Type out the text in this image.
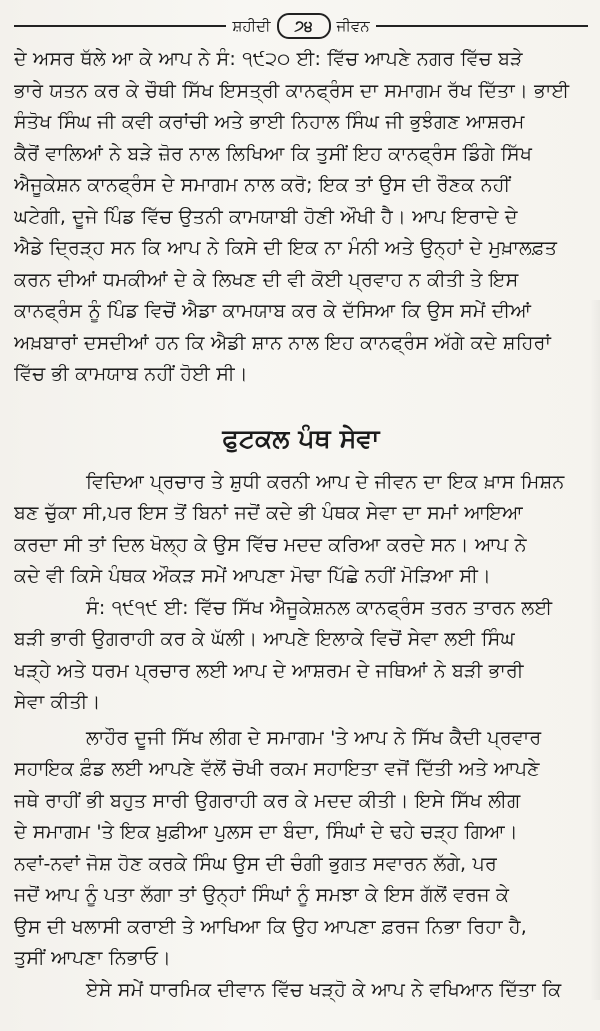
ਸ਼ਹੀਦੀ	੭੪	ਜੀਵਨ
ਦੇ ਅਸਰ ਥੱਲੇ ਆ ਕੇ ਆਪ ਨੇ ਸੰ: ੧੯੨੦ ਈ: ਵਿੱਚ ਆਪਣੇ ਨਗਰ ਵਿੱਚ ਬੜੇ
ਭਾਰੇ ਯਤਨ ਕਰ ਕੇ ਚੌਥੀ ਸਿੱਖ ਇਸਤ੍ਰੀ ਕਾਨਫ੍ਰੰਸ ਦਾ ਸਮਾਗਮ ਰੱਖ ਦਿੱਤਾ। ਭਾਈ
ਸੰਤੋਖ ਸਿੰਘ ਜੀ ਕਵੀ ਕਰਾਂਚੀ ਅਤੇ ਭਾਈ ਨਿਹਾਲ ਸਿੰਘ ਜੀ ਭੁਝੰਗਣ ਆਸ਼ਰਮ
ਕੈਰੋਂ ਵਾਲਿਆਂ ਨੇ ਬੜੇ ਜ਼ੋਰ ਨਾਲ ਲਿਖਿਆ ਕਿ ਤੁਸੀਂ ਇਹ ਕਾਨਫ੍ਰੰਸ ਡਿੰਗੇ ਸਿੱਖ
ਐਜੂਕੇਸ਼ਨ ਕਾਨਫ੍ਰੰਸ ਦੇ ਸਮਾਗਮ ਨਾਲ ਕਰੋ; ਇਕ ਤਾਂ ਉਸ ਦੀ ਰੌਣਕ ਨਹੀਂ
ਘਟੇਗੀ, ਦੂਜੇ ਪਿੰਡ ਵਿੱਚ ਉਤਨੀ ਕਾਮਯਾਬੀ ਹੋਣੀ ਔਖੀ ਹੈ। ਆਪ ਇਰਾਦੇ ਦੇ
ਐਡੇ ਦ੍ਰਿੜ੍ਹ ਸਨ ਕਿ ਆਪ ਨੇ ਕਿਸੇ ਦੀ ਇਕ ਨਾ ਮੰਨੀ ਅਤੇ ਉਨ੍ਹਾਂ ਦੇ ਮੁਖ਼ਾਲਫ਼ਤ
ਕਰਨ ਦੀਆਂ ਧਮਕੀਆਂ ਦੇ ਕੇ ਲਿਖਣ ਦੀ ਵੀ ਕੋਈ ਪ੍ਰਵਾਹ ਨ ਕੀਤੀ ਤੇ ਇਸ
ਕਾਨਫ੍ਰੰਸ ਨੂੰ ਪਿੰਡ ਵਿਚੋਂ ਐਡਾ ਕਾਮਯਾਬ ਕਰ ਕੇ ਦੱਸਿਆ ਕਿ ਉਸ ਸਮੇਂ ਦੀਆਂ
ਅਖ਼ਬਾਰਾਂ ਦਸਦੀਆਂ ਹਨ ਕਿ ਐਡੀ ਸ਼ਾਨ ਨਾਲ ਇਹ ਕਾਨਫ੍ਰੰਸ ਅੱਗੇ ਕਦੇ ਸ਼ਹਿਰਾਂ
ਵਿੱਚ ਭੀ ਕਾਮਯਾਬ ਨਹੀਂ ਹੋਈ ਸੀ।
ਫੁਟਕਲ ਪੰਥ ਸੇਵਾ
ਵਿਦਿਆ ਪ੍ਰਚਾਰ ਤੇ ਸ਼ੁਧੀ ਕਰਨੀ ਆਪ ਦੇ ਜੀਵਨ ਦਾ ਇਕ ਖ਼ਾਸ ਮਿਸ਼ਨ
ਬਣ ਚੁੱਕਾ ਸੀ,ਪਰ ਇਸ ਤੋਂ ਬਿਨਾਂ ਜਦੋਂ ਕਦੇ ਭੀ ਪੰਥਕ ਸੇਵਾ ਦਾ ਸਮਾਂ ਆਇਆ
ਕਰਦਾ ਸੀ ਤਾਂ ਦਿਲ ਖੋਲ੍ਹ ਕੇ ਉਸ ਵਿੱਚ ਮਦਦ ਕਰਿਆ ਕਰਦੇ ਸਨ। ਆਪ ਨੇ
ਕਦੇ ਵੀ ਕਿਸੇ ਪੰਥਕ ਔਕੜ ਸਮੇਂ ਆਪਣਾ ਮੋਢਾ ਪਿੱਛੇ ਨਹੀਂ ਮੋੜਿਆ ਸੀ।
ਸੰ: ੧੯੧੯ ਈ: ਵਿੱਚ ਸਿੱਖ ਐਜੂਕੇਸ਼ਨਲ ਕਾਨਫ੍ਰੰਸ ਤਰਨ ਤਾਰਨ ਲਈ
ਬੜੀ ਭਾਰੀ ਉਗਰਾਹੀ ਕਰ ਕੇ ਘੱਲੀ। ਆਪਣੇ ਇਲਾਕੇ ਵਿਚੋਂ ਸੇਵਾ ਲਈ ਸਿੰਘ
ਖੜ੍ਹੇ ਅਤੇ ਧਰਮ ਪ੍ਰਚਾਰ ਲਈ ਆਪ ਦੇ ਆਸ਼ਰਮ ਦੇ ਜਥਿਆਂ ਨੇ ਬੜੀ ਭਾਰੀ
ਸੇਵਾ ਕੀਤੀ।
ਲਾਹੌਰ ਦੂਜੀ ਸਿੱਖ ਲੀਗ ਦੇ ਸਮਾਗਮ 'ਤੇ ਆਪ ਨੇ ਸਿੱਖ ਕੈਦੀ ਪ੍ਰਵਾਰ
ਸਹਾਇਕ ਫ਼ੰਡ ਲਈ ਆਪਣੇ ਵੱਲੋਂ ਚੋਖੀ ਰਕਮ ਸਹਾਇਤਾ ਵਜੋਂ ਦਿੱਤੀ ਅਤੇ ਆਪਣੇ
ਜਥੇ ਰਾਹੀਂ ਭੀ ਬਹੁਤ ਸਾਰੀ ਉਗਰਾਹੀ ਕਰ ਕੇ ਮਦਦ ਕੀਤੀ। ਇਸੇ ਸਿੱਖ ਲੀਗ
ਦੇ ਸਮਾਗਮ 'ਤੇ ਇਕ ਖ਼ੁਫ਼ੀਆ ਪੁਲਸ ਦਾ ਬੰਦਾ, ਸਿੰਘਾਂ ਦੇ ਢਹੇ ਚੜ੍ਹ ਗਿਆ।
ਨਵਾਂ-ਨਵਾਂ ਜੋਸ਼ ਹੋਣ ਕਰਕੇ ਸਿੰਘ ਉਸ ਦੀ ਚੰਗੀ ਭੁਗਤ ਸਵਾਰਨ ਲੱਗੇ, ਪਰ
ਜਦੋਂ ਆਪ ਨੂੰ ਪਤਾ ਲੱਗਾ ਤਾਂ ਉਨ੍ਹਾਂ ਸਿੰਘਾਂ ਨੂੰ ਸਮਝਾ ਕੇ ਇਸ ਗੱਲੋਂ ਵਰਜ ਕੇ
ਉਸ ਦੀ ਖਲਾਸੀ ਕਰਾਈ ਤੇ ਆਖਿਆ ਕਿ ਉਹ ਆਪਣਾ ਫ਼ਰਜ ਨਿਭਾ ਰਿਹਾ ਹੈ,
ਤੁਸੀਂ ਆਪਣਾ ਨਿਭਾਓ।
ਏਸੇ ਸਮੇਂ ਧਾਰਮਿਕ ਦੀਵਾਨ ਵਿੱਚ ਖੜ੍ਹੋ ਕੇ ਆਪ ਨੇ ਵਖਿਆਨ ਦਿੱਤਾ ਕਿ
